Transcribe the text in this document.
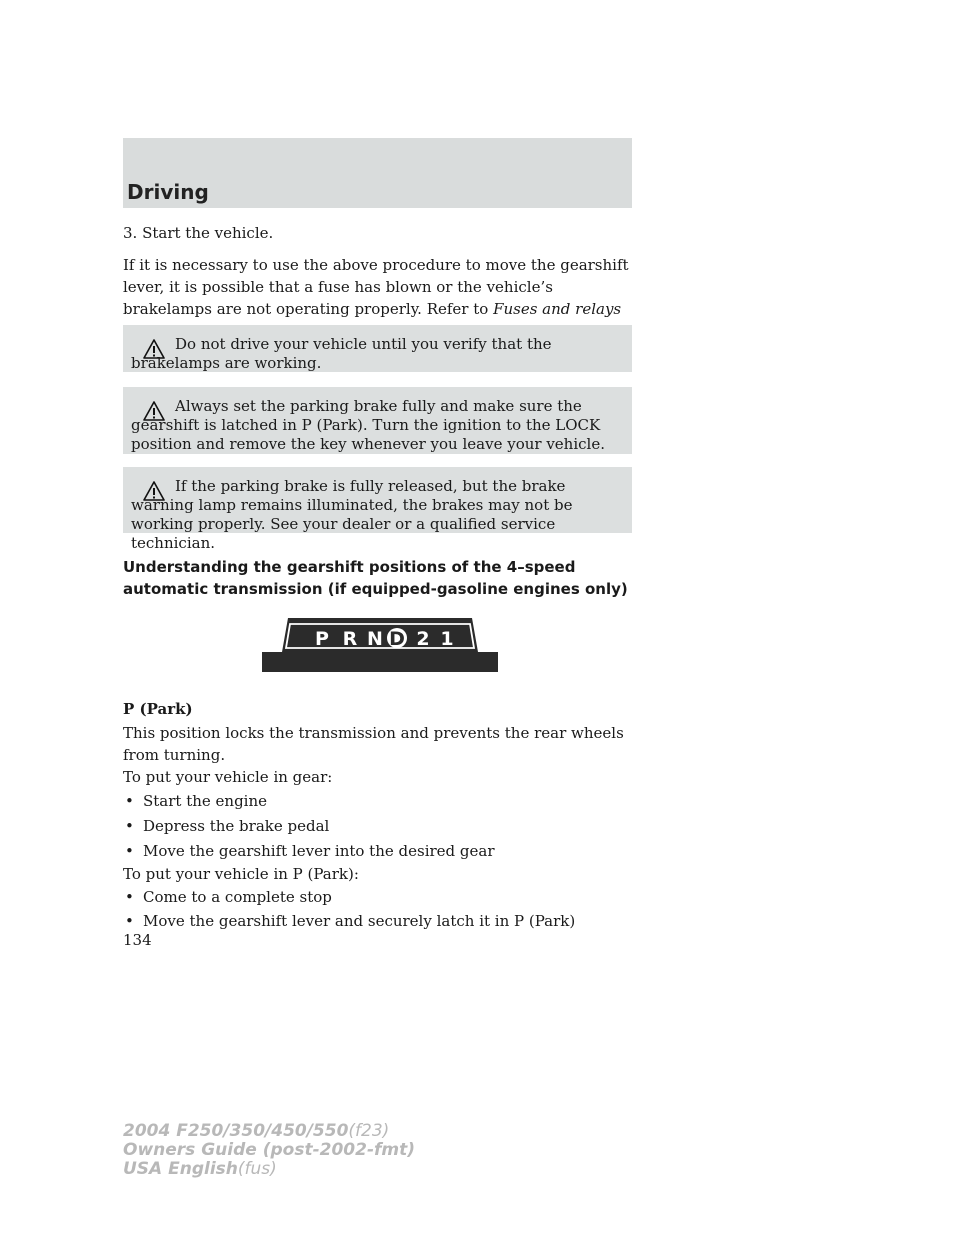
Driving

3. Start the vehicle.

If it is necessary to use the above procedure to move the gearshift lever, it is possible that a fuse has blown or the vehicle’s brakelamps are not operating properly. Refer to Fuses and relays

Do not drive your vehicle until you verify that the brakelamps are working.

Always set the parking brake fully and make sure the gearshift is latched in P (Park). Turn the ignition to the LOCK position and remove the key whenever you leave your vehicle.

If the parking brake is fully released, but the brake warning lamp remains illuminated, the brakes may not be working properly. See your dealer or a qualified service technician.

Understanding the gearshift positions of the 4–speed automatic transmission (if equipped-gasoline engines only)

P R N D 2 1

P (Park)

This position locks the transmission and prevents the rear wheels from turning.

To put your vehicle in gear:

• Start the engine
• Depress the brake pedal
• Move the gearshift lever into the desired gear

To put your vehicle in P (Park):

• Come to a complete stop
• Move the gearshift lever and securely latch it in P (Park)
134
2004 F250/350/450/550(f23)
Owners Guide (post-2002-fmt)
USA English(fus)
